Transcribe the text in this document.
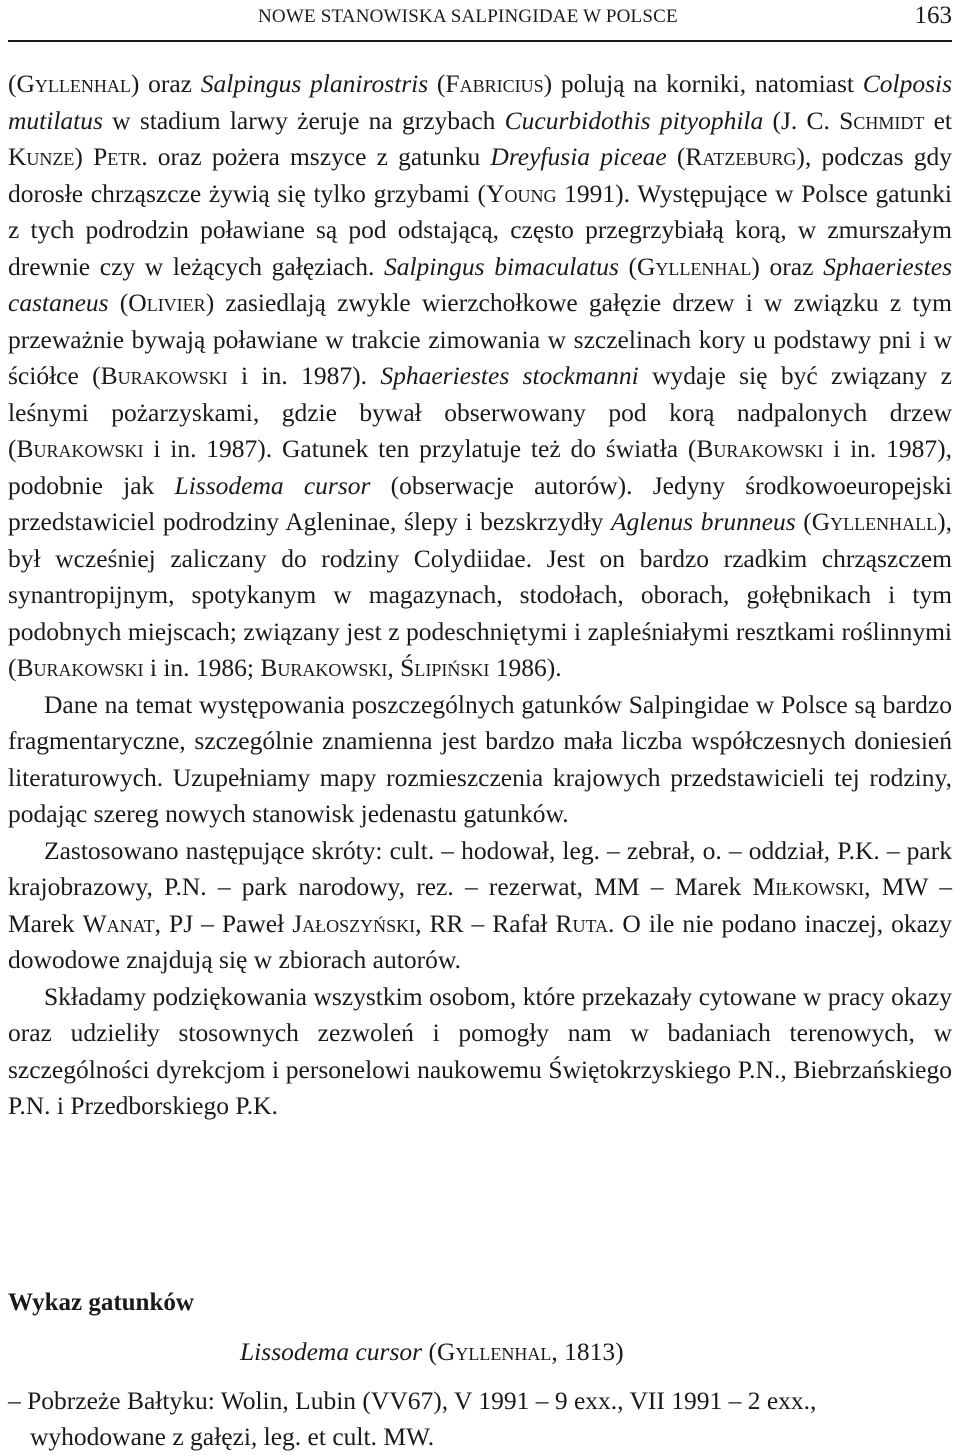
NOWE STANOWISKA SALPINGIDAE W POLSCE	163

(Gyllenhal) oraz Salpingus planirostris (Fabricius) polują na korniki, natomiast Colposis mutilatus w stadium larwy żeruje na grzybach Cucurbidothis pityophila (J. C. Schmidt et Kunze) Petr. oraz pożera mszyce z gatunku Dreyfusia piceae (Ratzeburg), podczas gdy dorosłe chrząszcze żywią się tylko grzybami (Young 1991). Występujące w Polsce gatunki z tych podrodzin poławiane są pod odstającą, często przegrzybiałą korą, w zmurszałym drewnie czy w leżących gałęziach. Salpingus bimaculatus (Gyllenhal) oraz Sphaeriestes castaneus (Olivier) zasiedlają zwykle wierzchołkowe gałęzie drzew i w związku z tym przeważnie bywają poławiane w trakcie zimowania w szczelinach kory u podstawy pni i w ściółce (Burakowski i in. 1987). Sphaeriestes stockmanni wydaje się być związany z leśnymi pożarzyskami, gdzie bywał obserwowany pod korą nadpalonych drzew (Burakowski i in. 1987). Gatunek ten przylatuje też do światła (Burakowski i in. 1987), podobnie jak Lissodema cursor (obserwacje autorów). Jedyny środkowoeuropejski przedstawiciel podrodziny Agleninae, ślepy i bezskrzydły Aglenus brunneus (Gyllenhall), był wcześniej zaliczany do rodziny Colydiidae. Jest on bardzo rzadkim chrząszczem synantropijnym, spotykanym w magazynach, stodołach, oborach, gołębnikach i tym podobnych miejscach; związany jest z podeschniętymi i zapleśniałymi resztkami roślinnymi (Burakowski i in. 1986; Burakowski, Ślipiński 1986).

Dane na temat występowania poszczególnych gatunków Salpingidae w Polsce są bardzo fragmentaryczne, szczególnie znamienna jest bardzo mała liczba współczesnych doniesień literaturowych. Uzupełniamy mapy rozmieszczenia krajowych przedstawicieli tej rodziny, podając szereg nowych stanowisk jedenastu gatunków.

Zastosowano następujące skróty: cult. – hodował, leg. – zebrał, o. – oddział, P.K. – park krajobrazowy, P.N. – park narodowy, rez. – rezerwat, MM – Marek Miłkowski, MW – Marek Wanat, PJ – Paweł Jałoszyński, RR – Rafał Ruta. O ile nie podano inaczej, okazy dowodowe znajdują się w zbiorach autorów.

Składamy podziękowania wszystkim osobom, które przekazały cytowane w pracy okazy oraz udzieliły stosownych zezwoleń i pomogły nam w badaniach terenowych, w szczególności dyrekcjom i personelowi naukowemu Świętokrzyskiego P.N., Biebrzańskiego P.N. i Przedborskiego P.K.

Wykaz gatunków

Lissodema cursor (Gyllenhal, 1813)

– Pobrzeże Bałtyku: Wolin, Lubin (VV67), V 1991 – 9 exx., VII 1991 – 2 exx., wyhodowane z gałęzi, leg. et cult. MW.
